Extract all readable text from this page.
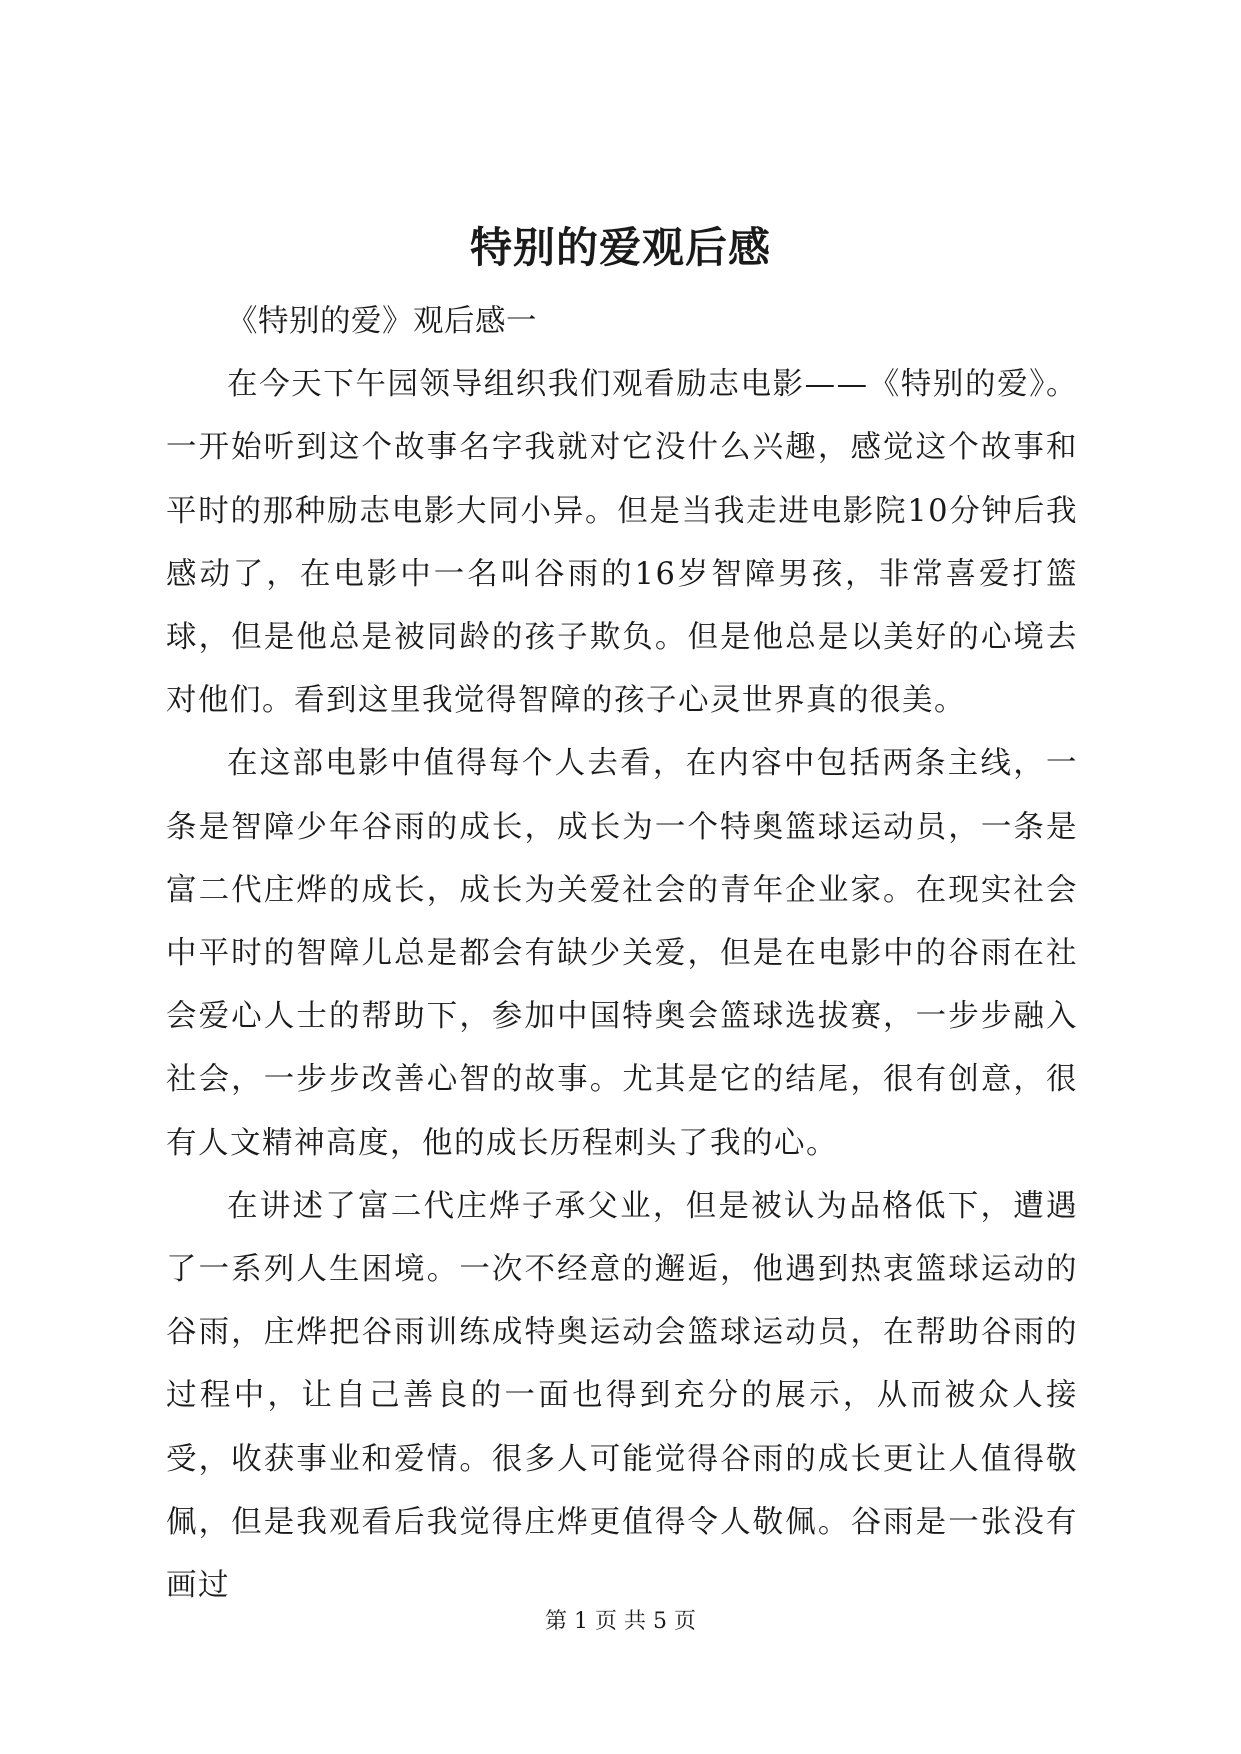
特别的爱观后感

《特别的爱》观后感一

在今天下午园领导组织我们观看励志电影——《特别的爱》。一开始听到这个故事名字我就对它没什么兴趣，感觉这个故事和平时的那种励志电影大同小异。但是当我走进电影院10分钟后我感动了，在电影中一名叫谷雨的16岁智障男孩，非常喜爱打篮球，但是他总是被同龄的孩子欺负。但是他总是以美好的心境去对他们。看到这里我觉得智障的孩子心灵世界真的很美。

在这部电影中值得每个人去看，在内容中包括两条主线，一条是智障少年谷雨的成长，成长为一个特奥篮球运动员，一条是富二代庄烨的成长，成长为关爱社会的青年企业家。在现实社会中平时的智障儿总是都会有缺少关爱，但是在电影中的谷雨在社会爱心人士的帮助下，参加中国特奥会篮球选拔赛，一步步融入社会，一步步改善心智的故事。尤其是它的结尾，很有创意，很有人文精神高度，他的成长历程刺头了我的心。

在讲述了富二代庄烨子承父业，但是被认为品格低下，遭遇了一系列人生困境。一次不经意的邂逅，他遇到热衷篮球运动的谷雨，庄烨把谷雨训练成特奥运动会篮球运动员，在帮助谷雨的过程中，让自己善良的一面也得到充分的展示，从而被众人接受，收获事业和爱情。很多人可能觉得谷雨的成长更让人值得敬佩，但是我观看后我觉得庄烨更值得令人敬佩。谷雨是一张没有画过

第 1 页 共 5 页
